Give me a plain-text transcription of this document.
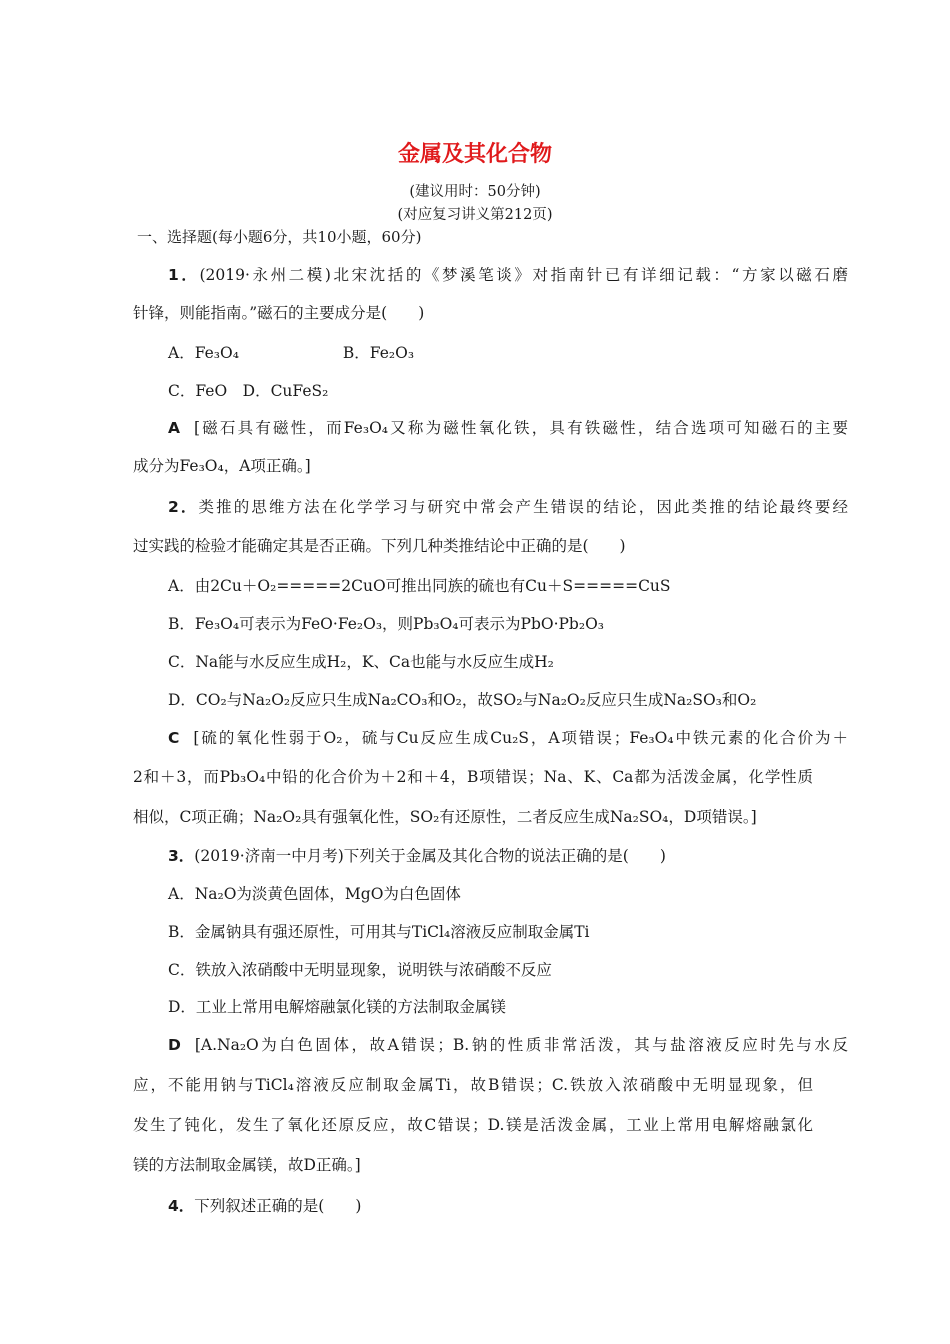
金属及其化合物
(建议用时：50分钟)
(对应复习讲义第212页)
一、选择题(每小题6分，共10小题，60分)
1．(2019·永州二模)北宋沈括的《梦溪笔谈》对指南针已有详细记载：“方家以磁石磨
针锋，则能指南。”磁石的主要成分是(　　)
A．Fe₃O₄	B．Fe₂O₃
C．FeO　D．CuFeS₂
A [磁石具有磁性，而Fe₃O₄又称为磁性氧化铁，具有铁磁性，结合选项可知磁石的主要
成分为Fe₃O₄，A项正确。]
2．类推的思维方法在化学学习与研究中常会产生错误的结论，因此类推的结论最终要经
过实践的检验才能确定其是否正确。下列几种类推结论中正确的是(　　)
A．由2Cu＋O₂=====2CuO可推出同族的硫也有Cu＋S=====CuS
B．Fe₃O₄可表示为FeO·Fe₂O₃，则Pb₃O₄可表示为PbO·Pb₂O₃
C．Na能与水反应生成H₂，K、Ca也能与水反应生成H₂
D．CO₂与Na₂O₂反应只生成Na₂CO₃和O₂，故SO₂与Na₂O₂反应只生成Na₂SO₃和O₂
C [硫的氧化性弱于O₂，硫与Cu反应生成Cu₂S，A项错误；Fe₃O₄中铁元素的化合价为＋
2和＋3，而Pb₃O₄中铅的化合价为＋2和＋4，B项错误；Na、K、Ca都为活泼金属，化学性质
相似，C项正确；Na₂O₂具有强氧化性，SO₂有还原性，二者反应生成Na₂SO₄，D项错误。]
3．(2019·济南一中月考)下列关于金属及其化合物的说法正确的是(　　)
A．Na₂O为淡黄色固体，MgO为白色固体
B．金属钠具有强还原性，可用其与TiCl₄溶液反应制取金属Ti
C．铁放入浓硝酸中无明显现象，说明铁与浓硝酸不反应
D．工业上常用电解熔融氯化镁的方法制取金属镁
D [A.Na₂O为白色固体，故A错误；B.钠的性质非常活泼，其与盐溶液反应时先与水反
应，不能用钠与TiCl₄溶液反应制取金属Ti，故B错误；C.铁放入浓硝酸中无明显现象，但
发生了钝化，发生了氧化还原反应，故C错误；D.镁是活泼金属，工业上常用电解熔融氯化
镁的方法制取金属镁，故D正确。]
4．下列叙述正确的是(　　)
